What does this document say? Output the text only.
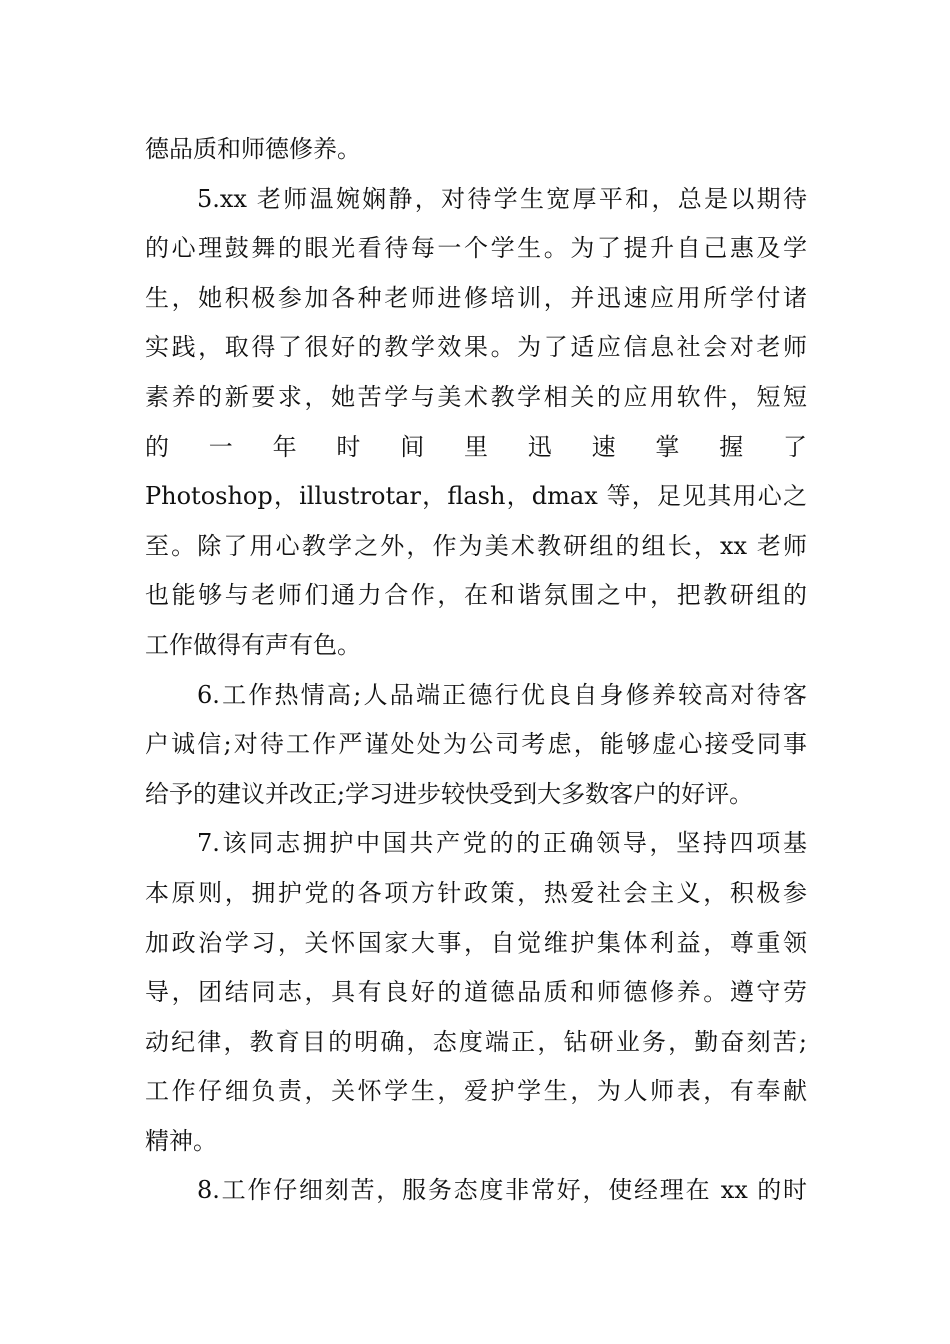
德品质和师德修养。
5.xx 老师温婉娴静，对待学生宽厚平和，总是以期待
的心理鼓舞的眼光看待每一个学生。为了提升自己惠及学
生，她积极参加各种老师进修培训，并迅速应用所学付诸
实践，取得了很好的教学效果。为了适应信息社会对老师
素养的新要求，她苦学与美术教学相关的应用软件，短短
的 一 年 时 间 里 迅 速 掌 握 了
Photoshop，illustrotar，flash，dmax 等，足见其用心之
至。除了用心教学之外，作为美术教研组的组长，xx 老师
也能够与老师们通力合作，在和谐氛围之中，把教研组的
工作做得有声有色。
6.工作热情高;人品端正德行优良自身修养较高对待客
户诚信;对待工作严谨处处为公司考虑，能够虚心接受同事
给予的建议并改正;学习进步较快受到大多数客户的好评。
7.该同志拥护中国共产党的的正确领导，坚持四项基
本原则，拥护党的各项方针政策，热爱社会主义，积极参
加政治学习，关怀国家大事，自觉维护集体利益，尊重领
导，团结同志，具有良好的道德品质和师德修养。遵守劳
动纪律，教育目的明确，态度端正，钻研业务，勤奋刻苦;
工作仔细负责，关怀学生，爱护学生，为人师表，有奉献
精神。
8.工作仔细刻苦，服务态度非常好，使经理在 xx 的时
